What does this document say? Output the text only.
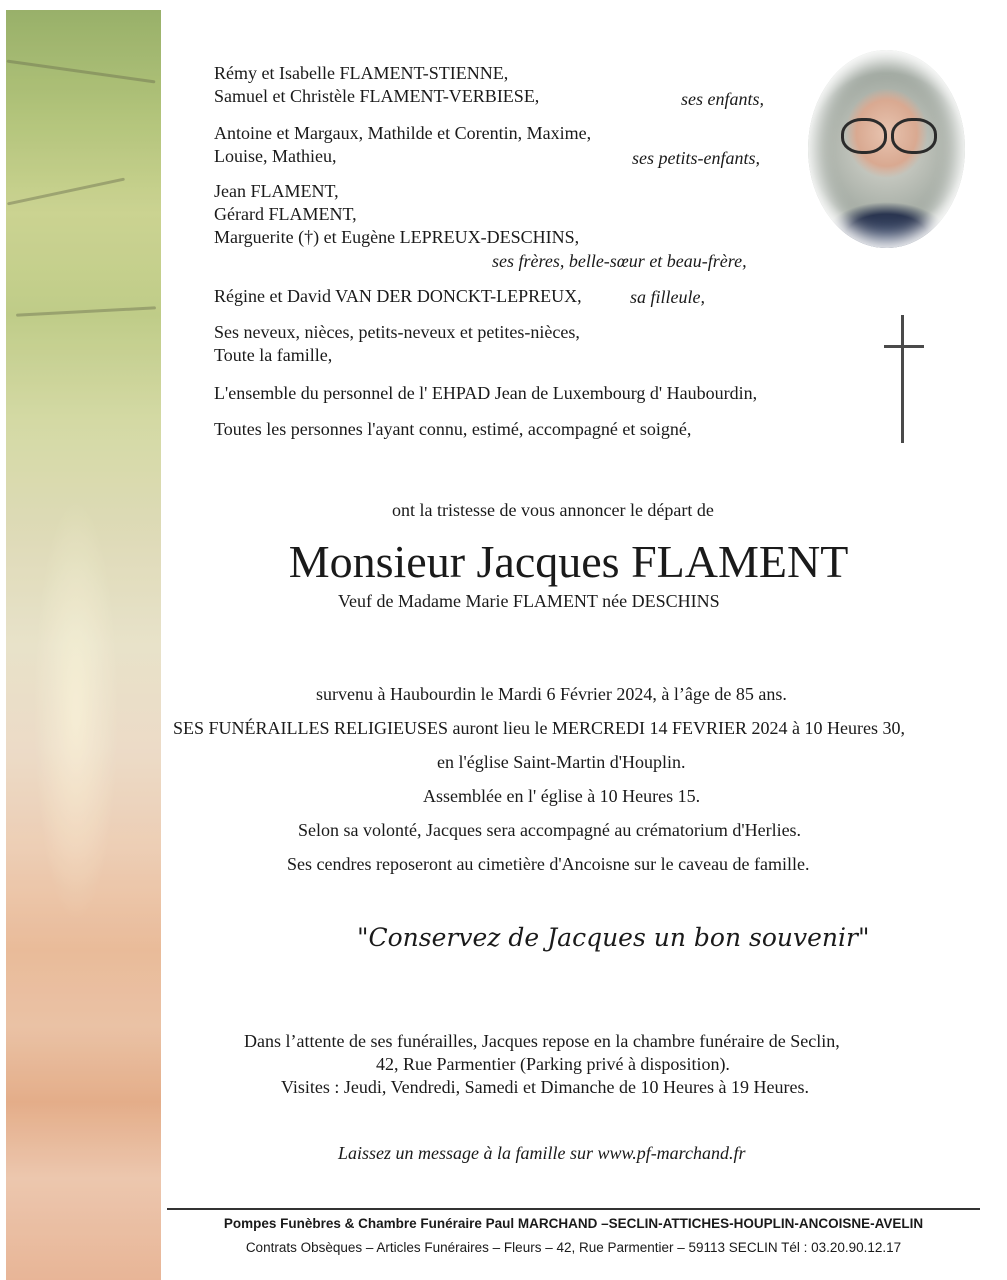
Rémy et Isabelle FLAMENT-STIENNE,
Samuel et Christèle FLAMENT-VERBIESE,	ses enfants,
Antoine et Margaux, Mathilde et Corentin, Maxime,
Louise, Mathieu,	ses petits-enfants,
Jean FLAMENT,
Gérard FLAMENT,
Marguerite (†) et Eugène LEPREUX-DESCHINS,
ses frères, belle-sœur et beau-frère,
Régine et David VAN DER DONCKT-LEPREUX,	sa filleule,
Ses neveux, nièces, petits-neveux et petites-nièces,
Toute la famille,
L'ensemble du personnel de l' EHPAD Jean de Luxembourg d' Haubourdin,
Toutes les personnes l'ayant connu, estimé, accompagné et soigné,
ont la tristesse de vous annoncer le départ de
Monsieur Jacques FLAMENT
Veuf de Madame Marie FLAMENT née DESCHINS
survenu à Haubourdin le Mardi 6 Février 2024, à l’âge de 85 ans.
SES FUNÉRAILLES RELIGIEUSES auront lieu le MERCREDI 14 FEVRIER 2024 à 10 Heures 30,
en l'église Saint-Martin d'Houplin.
Assemblée en l' église à 10 Heures 15.
Selon sa volonté, Jacques sera accompagné au crématorium d'Herlies.
Ses cendres reposeront au cimetière d'Ancoisne sur le caveau de famille.
"Conservez de Jacques un bon souvenir"
Dans l’attente de ses funérailles, Jacques repose en la chambre funéraire de Seclin,
42, Rue Parmentier (Parking privé à disposition).
Visites : Jeudi, Vendredi, Samedi et Dimanche de 10 Heures à 19 Heures.
Laissez un message à la famille sur www.pf-marchand.fr
Pompes Funèbres & Chambre Funéraire Paul MARCHAND –SECLIN-ATTICHES-HOUPLIN-ANCOISNE-AVELIN
Contrats Obsèques – Articles Funéraires – Fleurs – 42, Rue Parmentier – 59113 SECLIN Tél : 03.20.90.12.17
